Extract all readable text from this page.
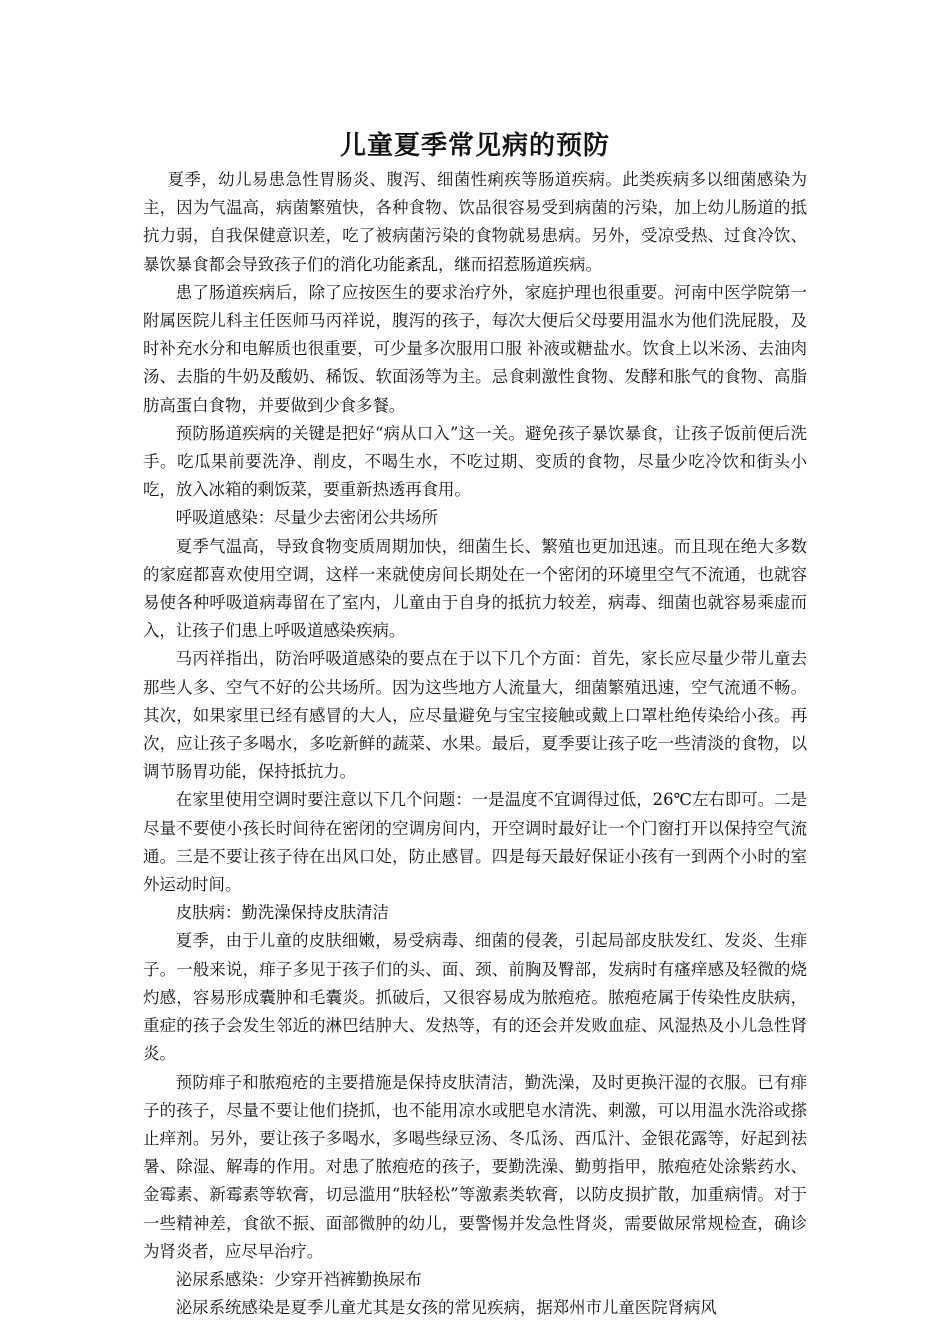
儿童夏季常见病的预防

夏季，幼儿易患急性胃肠炎、腹泻、细菌性痢疾等肠道疾病。此类疾病多以细菌感染为主，因为气温高，病菌繁殖快，各种食物、饮品很容易受到病菌的污染，加上幼儿肠道的抵抗力弱，自我保健意识差，吃了被病菌污染的食物就易患病。另外，受凉受热、过食冷饮、暴饮暴食都会导致孩子们的消化功能紊乱，继而招惹肠道疾病。

患了肠道疾病后，除了应按医生的要求治疗外，家庭护理也很重要。河南中医学院第一附属医院儿科主任医师马丙祥说，腹泻的孩子，每次大便后父母要用温水为他们洗屁股，及时补充水分和电解质也很重要，可少量多次服用口服 补液或糖盐水。饮食上以米汤、去油肉汤、去脂的牛奶及酸奶、稀饭、软面汤等为主。忌食刺激性食物、发酵和胀气的食物、高脂肪高蛋白食物，并要做到少食多餐。

预防肠道疾病的关键是把好“病从口入”这一关。避免孩子暴饮暴食，让孩子饭前便后洗手。吃瓜果前要洗净、削皮，不喝生水，不吃过期、变质的食物，尽量少吃冷饮和街头小吃，放入冰箱的剩饭菜，要重新热透再食用。

呼吸道感染：尽量少去密闭公共场所

夏季气温高，导致食物变质周期加快，细菌生长、繁殖也更加迅速。而且现在绝大多数的家庭都喜欢使用空调，这样一来就使房间长期处在一个密闭的环境里空气不流通，也就容易使各种呼吸道病毒留在了室内，儿童由于自身的抵抗力较差，病毒、细菌也就容易乘虚而入，让孩子们患上呼吸道感染疾病。

马丙祥指出，防治呼吸道感染的要点在于以下几个方面：首先，家长应尽量少带儿童去那些人多、空气不好的公共场所。因为这些地方人流量大，细菌繁殖迅速，空气流通不畅。其次，如果家里已经有感冒的大人，应尽量避免与宝宝接触或戴上口罩杜绝传染给小孩。再次，应让孩子多喝水，多吃新鲜的蔬菜、水果。最后，夏季要让孩子吃一些清淡的食物，以调节肠胃功能，保持抵抗力。

在家里使用空调时要注意以下几个问题：一是温度不宜调得过低，26℃左右即可。二是尽量不要使小孩长时间待在密闭的空调房间内，开空调时最好让一个门窗打开以保持空气流通。三是不要让孩子待在出风口处，防止感冒。四是每天最好保证小孩有一到两个小时的室外运动时间。

皮肤病：勤洗澡保持皮肤清洁

夏季，由于儿童的皮肤细嫩，易受病毒、细菌的侵袭，引起局部皮肤发红、发炎、生痱子。一般来说，痱子多见于孩子们的头、面、颈、前胸及臀部，发病时有瘙痒感及轻微的烧灼感，容易形成囊肿和毛囊炎。抓破后，又很容易成为脓疱疮。脓疱疮属于传染性皮肤病，重症的孩子会发生邻近的淋巴结肿大、发热等，有的还会并发败血症、风湿热及小儿急性肾炎。

预防痱子和脓疱疮的主要措施是保持皮肤清洁，勤洗澡，及时更换汗湿的衣服。已有痱子的孩子，尽量不要让他们挠抓，也不能用凉水或肥皂水清洗、刺激，可以用温水洗浴或搽止痒剂。另外，要让孩子多喝水，多喝些绿豆汤、冬瓜汤、西瓜汁、金银花露等，好起到祛暑、除湿、解毒的作用。对患了脓疱疮的孩子，要勤洗澡、勤剪指甲，脓疱疮处涂紫药水、金霉素、新霉素等软膏，切忌滥用“肤轻松”等激素类软膏，以防皮损扩散，加重病情。对于一些精神差，食欲不振、面部微肿的幼儿，要警惕并发急性肾炎，需要做尿常规检查，确诊为肾炎者，应尽早治疗。

泌尿系感染：少穿开裆裤勤换尿布

泌尿系统感染是夏季儿童尤其是女孩的常见疾病，据郑州市儿童医院肾病风
